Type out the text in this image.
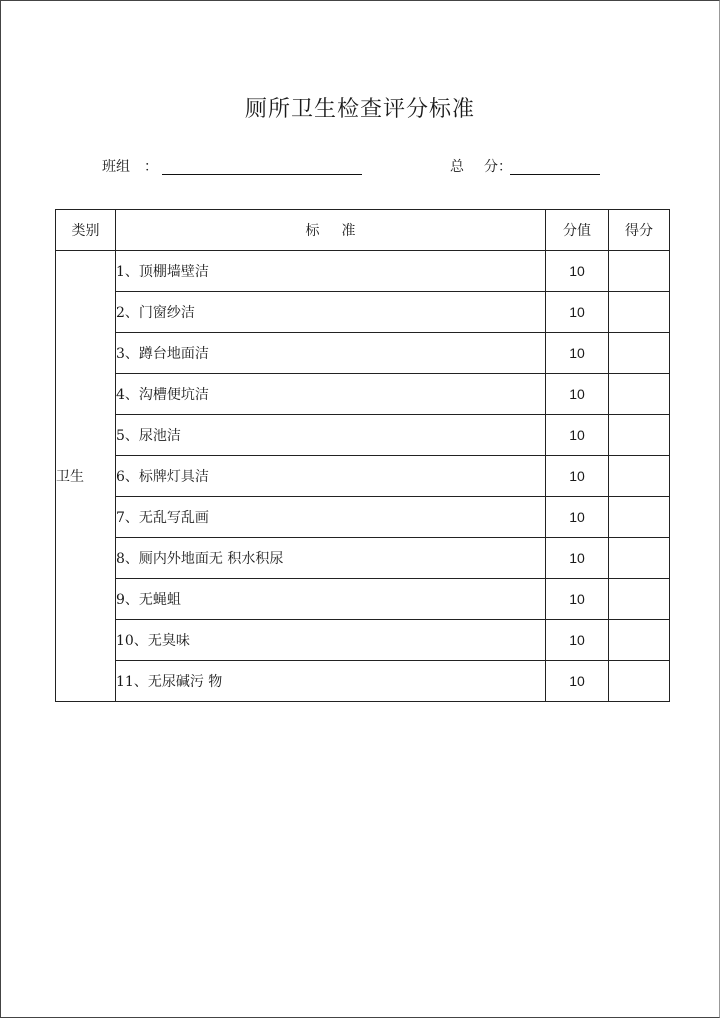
厕所卫生检查评分标准
班组 ：	总 分：
类别	标 准	分值	得分
卫生	1、顶棚墙壁洁	10	
	2、门窗纱洁	10	
	3、蹲台地面洁	10	
	4、沟槽便坑洁	10	
	5、尿池洁	10	
	6、标牌灯具洁	10	
	7、无乱写乱画	10	
	8、厕内外地面无 积水积尿	10	
	9、无蝇蛆	10	
	10、无臭味	10	
	11、无尿碱污 物	10	
